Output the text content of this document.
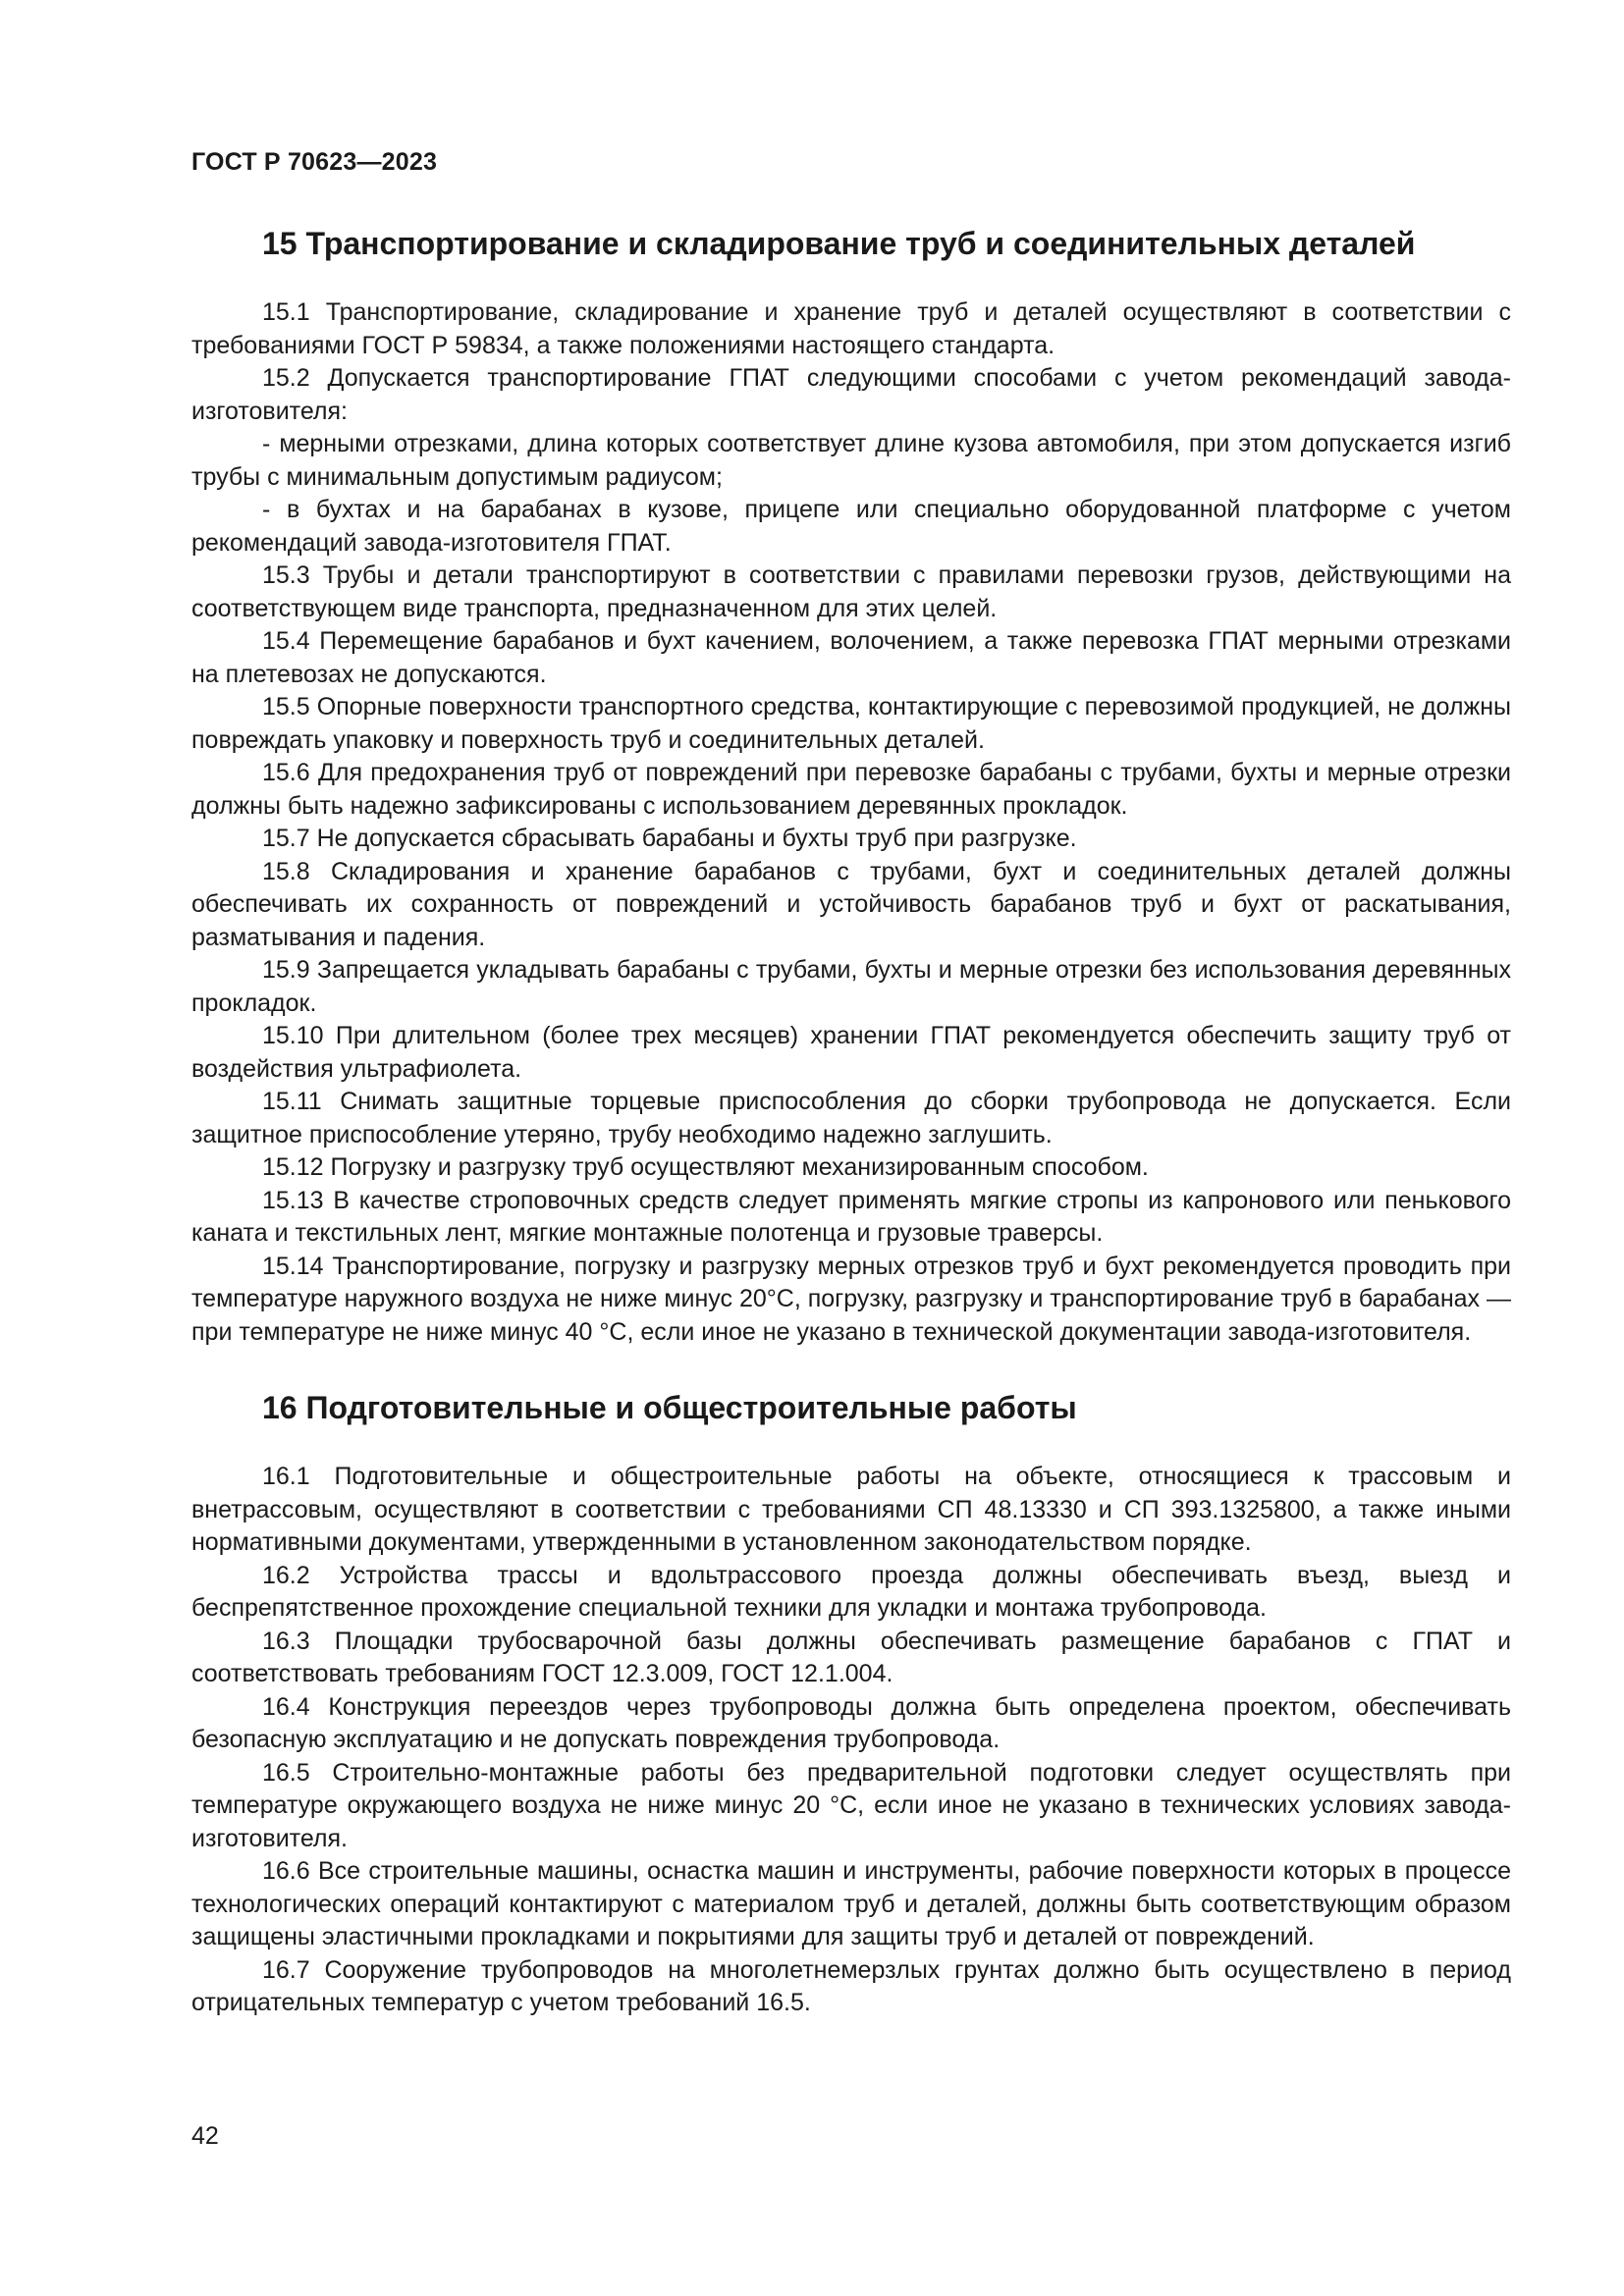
ГОСТ Р 70623—2023
15 Транспортирование и складирование труб и соединительных деталей

15.1 Транспортирование, складирование и хранение труб и деталей осуществляют в соответствии с требованиями ГОСТ Р 59834, а также положениями настоящего стандарта.

15.2 Допускается транспортирование ГПАТ следующими способами с учетом рекомендаций завода-изготовителя:

- мерными отрезками, длина которых соответствует длине кузова автомобиля, при этом допускается изгиб трубы с минимальным допустимым радиусом;

- в бухтах и на барабанах в кузове, прицепе или специально оборудованной платформе с учетом рекомендаций завода-изготовителя ГПАТ.

15.3 Трубы и детали транспортируют в соответствии с правилами перевозки грузов, действующими на соответствующем виде транспорта, предназначенном для этих целей.

15.4 Перемещение барабанов и бухт качением, волочением, а также перевозка ГПАТ мерными отрезками на плетевозах не допускаются.

15.5 Опорные поверхности транспортного средства, контактирующие с перевозимой продукцией, не должны повреждать упаковку и поверхность труб и соединительных деталей.

15.6 Для предохранения труб от повреждений при перевозке барабаны с трубами, бухты и мерные отрезки должны быть надежно зафиксированы с использованием деревянных прокладок.

15.7 Не допускается сбрасывать барабаны и бухты труб при разгрузке.

15.8 Складирования и хранение барабанов с трубами, бухт и соединительных деталей должны обеспечивать их сохранность от повреждений и устойчивость барабанов труб и бухт от раскатывания, разматывания и падения.

15.9 Запрещается укладывать барабаны с трубами, бухты и мерные отрезки без использования деревянных прокладок.

15.10 При длительном (более трех месяцев) хранении ГПАТ рекомендуется обеспечить защиту труб от воздействия ультрафиолета.

15.11 Снимать защитные торцевые приспособления до сборки трубопровода не допускается. Если защитное приспособление утеряно, трубу необходимо надежно заглушить.

15.12 Погрузку и разгрузку труб осуществляют механизированным способом.

15.13 В качестве строповочных средств следует применять мягкие стропы из капронового или пенькового каната и текстильных лент, мягкие монтажные полотенца и грузовые траверсы.

15.14 Транспортирование, погрузку и разгрузку мерных отрезков труб и бухт рекомендуется проводить при температуре наружного воздуха не ниже минус 20°С, погрузку, разгрузку и транспортирование труб в барабанах — при температуре не ниже минус 40 °С, если иное не указано в технической документации завода-изготовителя.

16 Подготовительные и общестроительные работы

16.1 Подготовительные и общестроительные работы на объекте, относящиеся к трассовым и внетрассовым, осуществляют в соответствии с требованиями СП 48.13330 и СП 393.1325800, а также иными нормативными документами, утвержденными в установленном законодательством порядке.

16.2 Устройства трассы и вдольтрассового проезда должны обеспечивать въезд, выезд и беспрепятственное прохождение специальной техники для укладки и монтажа трубопровода.

16.3 Площадки трубосварочной базы должны обеспечивать размещение барабанов с ГПАТ и соответствовать требованиям ГОСТ 12.3.009, ГОСТ 12.1.004.

16.4 Конструкция переездов через трубопроводы должна быть определена проектом, обеспечивать безопасную эксплуатацию и не допускать повреждения трубопровода.

16.5 Строительно-монтажные работы без предварительной подготовки следует осуществлять при температуре окружающего воздуха не ниже минус 20 °С, если иное не указано в технических условиях завода-изготовителя.

16.6 Все строительные машины, оснастка машин и инструменты, рабочие поверхности которых в процессе технологических операций контактируют с материалом труб и деталей, должны быть соответствующим образом защищены эластичными прокладками и покрытиями для защиты труб и деталей от повреждений.

16.7 Сооружение трубопроводов на многолетнемерзлых грунтах должно быть осуществлено в период отрицательных температур с учетом требований 16.5.

42
